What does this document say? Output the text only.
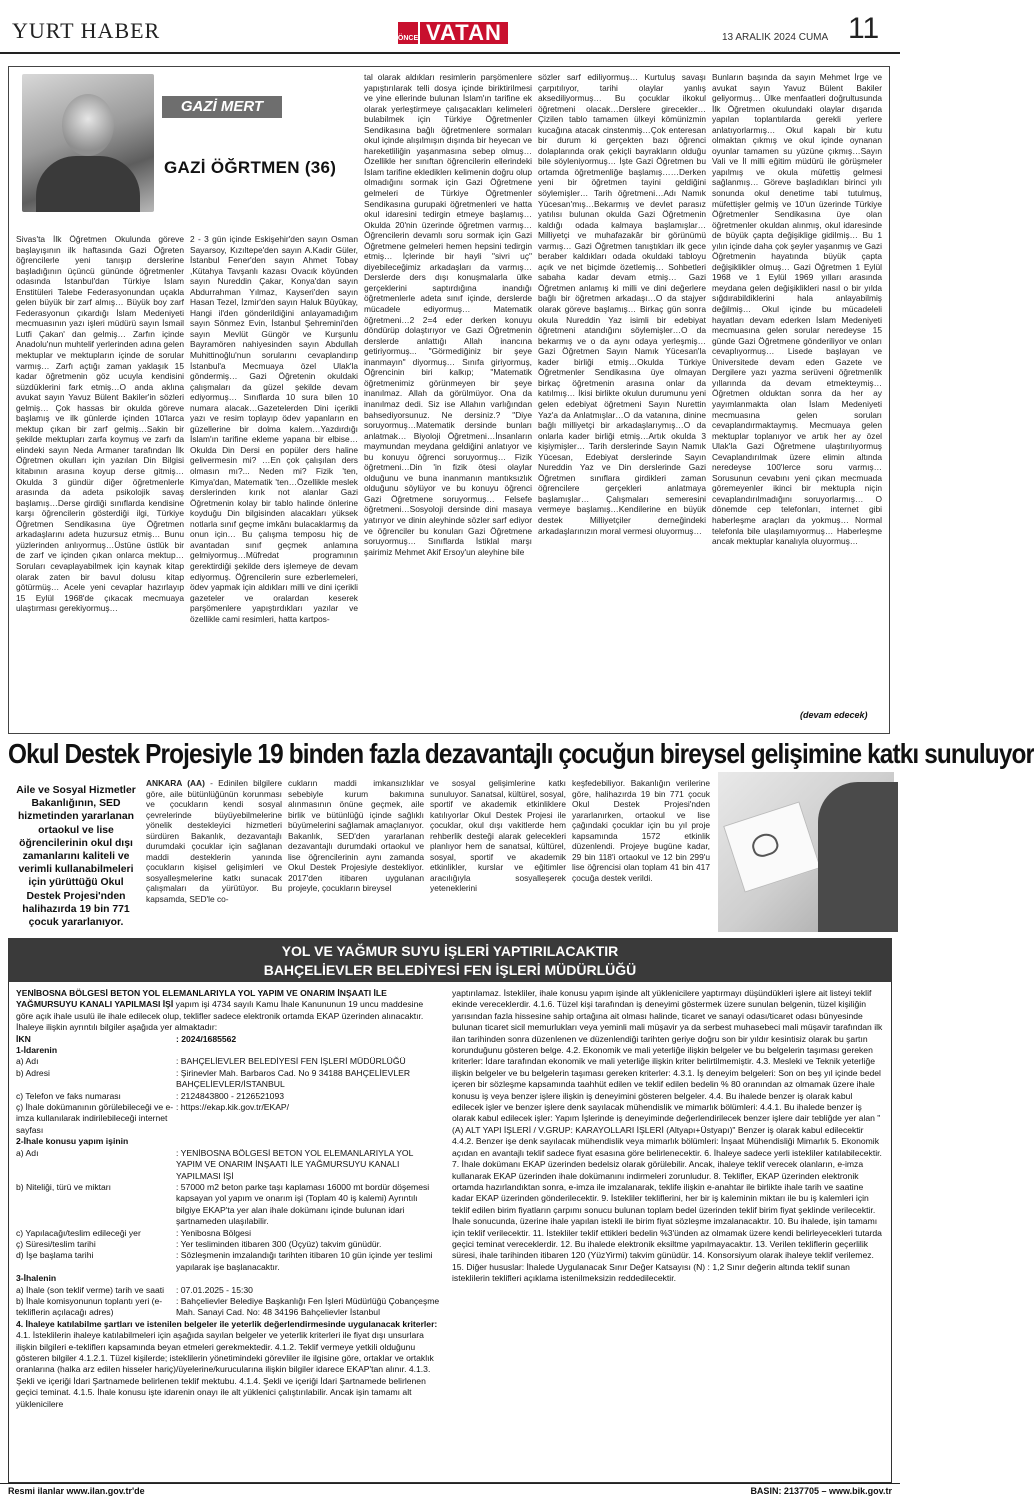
YURT HABER	ÖNCE VATAN	13 ARALIK 2024 CUMA 11
GAZİ MERT
GAZİ ÖĞRTMEN (36)
Sivas'ta İlk Öğretmen Okulunda göreve başlayışının ilk haftasında Gazi Öğreten öğrencilerle yeni tanışıp derslerine başladığının üçüncü gününde öğretmenler odasında İstanbul'dan Türkiye İslam Enstitüleri Talebe Federasyonundan uçakla gelen büyük bir zarf almış… Büyük boy zarf Federasyonun çıkardığı İslam Medeniyeti mecmuasının yazı işleri müdürü sayın İsmail Lutfi Çakan' dan gelmiş… Zarfın içinde Anadolu'nun muhtelif yerlerinden adına gelen mektuplar ve mektupların içinde de sorular varmış… Zarfı açtığı zaman yaklaşık 15 kadar öğretmenin göz ucuyla kendisini süzdüklerini fark etmiş…O anda aklına avukat sayın Yavuz Bülent Bakiler'in sözleri gelmiş… Çok hassas bir okulda göreve başlamış ve ilk günlerde içinden 10'larca mektup çıkan bir zarf gelmiş…Sakin bir şekilde mektupları zarfa koymuş ve zarfı da elindeki sayın Neda Armaner tarafından İlk Öğretmen okulları için yazılan Din Bilgisi kitabının arasına koyup derse gitmiş… Okulda 3 gündür diğer öğretmenlerle arasında da adeta psikolojik savaş başlamış…Derse girdiği sınıflarda kendisine karşı öğrencilerin gösterdiği ilgi, Türkiye Öğretmen Sendikasına üye Öğretmen arkadaşlarını adeta huzursuz etmiş… Bunu yüzlerinden anlıyormuş…Üstüne üstlük bir de zarf ve içinden çıkan onlarca mektup…Soruları cevaplayabilmek için kaynak kitap olarak zaten bir bavul dolusu kitap götürmüş… Acele yeni cevaplar hazırlayıp 15 Eylül 1968'de çıkacak mecmuaya ulaştırması gerekiyormuş…
2 - 3 gün içinde Eskişehir'den sayın Osman Sayarsoy, Kızıltepe'den sayın A.Kadir Güler, İstanbul Fener'den sayın Ahmet Tobay ,Kütahya Tavşanlı kazası Ovacık köyünden sayın Nureddin Çakar, Konya'dan sayın Abdurrahman Yılmaz, Kayseri'den sayın Hasan Tezel, İzmir'den sayın Haluk Büyükay, Hangi il'den gönderildiğini anlayamadığım sayın Sönmez Evin, İstanbul Şehremini'den sayın Mevlüt Güngör ve Kurşunlu Bayramören nahiyesinden sayın Abdullah Muhittinoğlu'nun sorularını cevaplandırıp İstanbul'a Mecmuaya özel Ulak'la göndermiş… Gazi Öğretenin okuldaki çalışmaları da güzel şekilde devam ediyormuş… Sınıflarda 10 sura bilen 10 numara alacak…Gazetelerden Dini içerikli yazı ve resim toplayıp ödev yapanların en güzellerine bir dolma kalem…Yazdırdığı İslam'ın tarifine ekleme yapana bir elbise… Okulda Din Dersi en popüler ders haline gelivermesin mi? …En çok çalışılan ders olmasın mı?... Neden mi? Fizik 'ten, Kimya'dan, Matematik 'ten…Özellikle meslek derslerinden kırık not alanlar Gazi Öğretmenin kolay bir tablo halinde önlerine koyduğu Din bilgisinden alacakları yüksek notlarla sınıf geçme imkânı bulacaklarmış da onun için… Bu çalışma temposu hiç de avantadan sınıf geçmek anlamına gelmiyormuş…Müfredat programının gerektirdiği şekilde ders işlemeye de devam ediyormuş. Öğrencilerin sure ezberlemeleri, ödev yapmak için aldıkları milli ve dini içerikli gazeteler ve oralardan keserek parşömenlere yapıştırdıkları yazılar ve özellikle cami resimleri, hatta kartpos-
tal olarak aldıkları resimlerin parşömenlere yapıştırılarak telli dosya içinde biriktirilmesi ve yine ellerinde bulunan İslam'ın tarifine ek olarak yerleştirmeye çalışacakları kelimeleri bulabilmek için Türkiye Öğretmenler Sendikasına bağlı öğretmenlere sormaları okul içinde alışılmışın dışında bir heyecan ve hareketliliğin yaşanmasına sebep olmuş… Özellikle her sınıftan öğrencilerin ellerindeki İslam tarifine eklediklerı kelimenin doğru olup olmadığını sormak için Gazi Öğretmene gelmeleri de Türkiye Öğretmenler Sendikasına gurupaki öğretmenleri ve hatta okul idaresini tedirgin etmeye başlamış… Okulda 20'nin üzerinde öğretmen varmış…Öğrencilerin devamlı soru sormak için Gazi Öğretmene gelmeleri hemen hepsini tedirgin etmiş… İçlerinde bir hayli "sivri uç" diyebileceğimiz arkadaşları da varmış…Derslerde ders dışı konuşmalarla ülke gerçeklerini saptırdığına inandığı öğretmenlerle adeta sınıf içinde, derslerde mücadele ediyormuş… Matematik öğretmeni…2 2=4 eder derken konuyu döndürüp dolaştırıyor ve Gazi Öğretmenin derslerde anlattığı Allah inancına getiriyormuş... "Görmediğiniz bir şeye inanmayın" diyormuş… Sınıfa giriyormuş, Öğrencinin biri kalkıp; "Matematik öğretmenimiz görünmeyen bir şeye inanılmaz. Allah da görülmüyor. Ona da inanılmaz dedi. Siz ise Allahın varlığından bahsediyorsunuz. Ne dersiniz.? "Diye soruyormuş…Matematik dersinde bunları anlatmak… Biyoloji Öğretmeni…İnsanların maymundan meydana geldiğini anlatıyor ve bu konuyu öğrenci soruyormuş… Fizik öğretmeni…Din 'in fizik ötesi olaylar olduğunu ve buna inanmanın mantıksızlık olduğunu söylüyor ve bu konuyu öğrenci Gazi Öğretmene soruyormuş… Felsefe öğretmeni…Sosyoloji dersinde dini masaya yatırıyor ve dinin aleyhinde sözler sarf ediyor ve öğrenciler bu konuları Gazi Öğretmene soruyormuş… Sınıflarda İstiklal marşı şairimiz Mehmet Akif Ersoy'un aleyhine bile
sözler sarf ediliyormuş… Kurtuluş savaşı çarpıtılıyor, tarihi olaylar yanlış aksediliyormuş… Bu çocuklar ilkokul öğretmeni olacak…Derslere girecekler…Çizilen tablo tamamen ülkeyi kömünizmin kucağına atacak cinstenmiş…Çok enteresan bir durum ki gerçekten bazı öğrenci dolaplarında orak çekiçli bayrakların olduğu bile söyleniyormuş… İşte Gazi Öğretmen bu ortamda öğretmenliğe başlamış……Derken yeni bir öğretmen tayini geldiğini söylemişler… Tarih öğretmeni…Adı Namık Yücesan'mış…Bekarmış ve devlet parasız yatılısı bulunan okulda Gazi Öğretmenin kaldığı odada kalmaya başlamışlar…Milliyetçi ve muhafazakâr bir görünümü varmış… Gazi Öğretmen tanıştıkları ilk gece beraber kaldıkları odada okuldaki tabloyu açık ve net biçimde özetlemiş… Sohbetleri sabaha kadar devam etmiş… Gazi Öğretmen anlamış ki milli ve dini değerlere bağlı bir öğretmen arkadaşı…O da stajyer olarak göreve başlamış… Birkaç gün sonra okula Nureddin Yaz isimli bir edebiyat öğretmeni atandığını söylemişler…O da bekarmış ve o da aynı odaya yerleşmiş… Gazi Öğretmen Sayın Namık Yücesan'la kader birliği etmiş…Okulda Türkiye Öğretmenler Sendikasına üye olmayan birkaç öğretmenin arasına onlar da katılmış… İkisi birlikte okulun durumunu yeni gelen edebiyat öğretmeni Sayın Nurettin Yaz'a da Anlatmışlar…O da vatanına, dinine bağlı milliyetçi bir arkadaşlarıymış…O da onlarla kader birliği etmiş…Artık okulda 3 kişiymişler… Tarih derslerinde Sayın Namık Yücesan, Edebiyat derslerinde Sayın Nureddin Yaz ve Din derslerinde Gazi Öğretmen sınıflara girdikleri zaman öğrencilere gerçekleri anlatmaya başlamışlar… Çalışmaları semeresini vermeye başlamış…Kendilerine en büyük destek Milliyetçiler derneğindeki arkadaşlarınızın moral vermesi oluyormuş…
Bunların başında da sayın Mehmet İrge ve avukat sayın Yavuz Bülent Bakiler geliyormuş… Ülke menfaatleri doğrultusunda İlk Öğretmen okulundaki olaylar dışarıda yapılan toplantılarda gerekli yerlere anlatıyorlarmış… Okul kapalı bir kutu olmaktan çıkmış ve okul içinde oynanan oyunlar tamamen su yüzüne çıkmış…Sayın Vali ve İl milli eğitim müdürü ile görüşmeler yapılmış ve okula müfettiş gelmesi sağlanmış… Göreve başladıkları birinci yılı sonunda okul denetime tabi tutulmuş, müfettişler gelmiş ve 10'un üzerinde Türkiye Öğretmenler Sendikasına üye olan öğretmenler okuldan alınmış, okul idaresinde de büyük çapta değişiklige gidilmiş… Bu 1 yılın içinde daha çok şeyler yaşanmış ve Gazi Öğretmenin hayatında büyük çapta değişiklikler olmuş… Gazi Öğretmen 1 Eylül 1968 ve 1 Eylül 1969 yılları arasında meydana gelen değişiklikleri nasıl o bir yılda sığdırabildiklerini hala anlayabilmiş değilmiş… Okul içinde bu mücadeleli hayatları devam ederken İslam Medeniyeti mecmuasına gelen sorular neredeyse 15 günde Gazi Öğretmene gönderiliyor ve onları cevaplıyormuş… Lisede başlayan ve Üniversitede devam eden Gazete ve Dergilere yazı yazma serüveni öğretmenlik yıllarında da devam etmekteymiş… Öğretmen olduktan sonra da her ay yayımlanmakta olan İslam Medeniyeti mecmuasına gelen soruları cevaplandırmaktaymış. Mecmuaya gelen mektuplar toplanıyor ve artık her ay özel Ulak'la Gazi Öğretmene ulaştırılıyormuş Cevaplandırılmak üzere elimin altında neredeyse 100'lerce soru varmış…Sorusunun cevabını yeni çıkan mecmuada göremeyenler ikinci bir mektupla niçin cevaplandırılmadığını soruyorlarmış… O dönemde cep telefonları, internet gibi haberleşme araçları da yokmuş… Normal telefonla bile ulaşılamıyormuş… Haberleşme ancak mektuplar kanalıyla oluyormuş…
(devam edecek)
Okul Destek Projesiyle 19 binden fazla dezavantajlı çocuğun bireysel gelişimine katkı sunuluyor
Aile ve Sosyal Hizmetler Bakanlığının, SED hizmetinden yararlanan ortaokul ve lise öğrencilerinin okul dışı zamanlarını kaliteli ve verimli kullanabilmeleri için yürüttüğü Okul Destek Projesi'nden halihazırda 19 bin 771 çocuk yararlanıyor.
ANKARA (AA) - Edinilen bilgilere göre, aile bütünlüğünün korunması ve çocukların kendi sosyal çevrelerinde büyüyebilmelerine yönelik destekleyici hizmetleri sürdüren Bakanlık, dezavantajlı durumdaki çocuklar için sağlanan maddi desteklerin yanında çocukların kişisel gelişimleri ve sosyalleşmelerine katkı sunacak çalışmaları da yürütüyor. Bu kapsamda, SED'le co-
cukların maddi imkansızlıklar sebebiyle kurum bakımına alınmasının önüne geçmek, aile birlik ve bütünlüğü içinde sağlıklı büyümelerini sağlamak amaçlanıyor. Bakanlık, SED'den yararlanan dezavantajlı durumdaki ortaokul ve lise öğrencilerinin aynı zamanda Okul Destek Projesiyle destekliyor. 2017'den itibaren uygulanan projeyle, çocukların bireysel
ve sosyal gelişimlerine katkı sunuluyor. Sanatsal, kültürel, sosyal, sportif ve akademik etkinliklere katılıyorlar Okul Destek Projesi ile çocuklar, okul dışı vakitlerde hem rehberlik desteği alarak gelecekleri planlıyor hem de sanatsal, kültürel, sosyal, sportif ve akademik etkinlikler, kurslar ve eğitimler aracılığıyla sosyalleşerek yeteneklerini
keşfedebiliyor. Bakanlığın verilerine göre, halihazırda 19 bin 771 çocuk Okul Destek Projesi'nden yararlanırken, ortaokul ve lise çağındaki çocuklar için bu yıl proje kapsamında 1572 etkinlik düzenlendi. Projeye bugüne kadar, 29 bin 118'i ortaokul ve 12 bin 299'u lise öğrencisi olan toplam 41 bin 417 çocuğa destek verildi.
YOL VE YAĞMUR SUYU İŞLERİ YAPTIRILACAKTIR
BAHÇELİEVLER BELEDİYESİ FEN İŞLERİ MÜDÜRLÜĞÜ
YENİBOSNA BÖLGESİ BETON YOL ELEMANLARIYLA YOL YAPIM VE ONARIM İNŞAATI İLE YAĞMURSUYU KANALI YAPILMASI İŞİ yapım işi 4734 sayılı Kamu İhale Kanununun 19 uncu maddesine göre açık ihale usulü ile ihale edilecek olup, teklifler sadece elektronik ortamda EKAP üzerinden alınacaktır. İhaleye ilişkin ayrıntılı bilgiler aşağıda yer almaktadır:
İKN	: 2024/1685562
1-İdarenin
a) Adı	: BAHÇELİEVLER BELEDİYESİ FEN İŞLERİ MÜDÜRLÜĞÜ
b) Adresi	: Şirinevler Mah. Barbaros Cad. No 9 34188 BAHÇELİEVLER BAHÇELİEVLER/İSTANBUL
c) Telefon ve faks numarası	: 2124843800 - 2126521093
ç) İhale dokümanının görülebileceği ve e-imza kullanılarak indirilebileceği internet sayfası
: https://ekap.kik.gov.tr/EKAP/
2-İhale konusu yapım işinin
a) Adı	: YENİBOSNA BÖLGESİ BETON YOL ELEMANLARIYLA YOL YAPIM VE ONARIM İNŞAATI İLE YAĞMURSUYU KANALI YAPILMASI İŞİ
b) Niteliği, türü ve miktarı	: 57000 m2 beton parke taşı kaplaması 16000 mt bordür döşemesi kapsayan yol yapım ve onarım işi (Toplam 40 iş kalemi) Ayrıntılı bilgiye EKAP'ta yer alan ihale dokümanı içinde bulunan idari şartnameden ulaşılabilir.
c) Yapılacağı/teslim edileceği yer	: Yenibosna Bölgesi
ç) Süresi/teslim tarihi	: Yer tesliminden itibaren 300 (Üçyüz) takvim günüdür.
d) İşe başlama tarihi	: Sözleşmenin imzalandığı tarihten itibaren 10 gün içinde yer teslimi yapılarak işe başlanacaktır.
3-İhalenin
a) İhale (son teklif verme) tarih ve saati	: 07.01.2025 - 15:30
b) İhale komisyonunun toplantı yeri (e-tekliflerin açılacağı adres)
: Bahçelievler Belediye Başkanlığı Fen İşleri Müdürlüğü Çobançeşme Mah. Sanayi Cad. No: 48 34196 Bahçelievler İstanbul
4. İhaleye katılabilme şartları ve istenilen belgeler ile yeterlik değerlendirmesinde uygulanacak kriterler:
4.1. İsteklilerin ihaleye katılabilmeleri için aşağıda sayılan belgeler ve yeterlik kriterleri ile fiyat dışı unsurlara ilişkin bilgileri e-tekliflerı kapsamında beyan etmeleri gerekmektedir. 4.1.2. Teklif vermeye yetkili olduğunu gösteren bilgiler 4.1.2.1. Tüzel kişilerde; isteklilerin yönetimindeki görevliler ile ilgisine göre, ortaklar ve ortaklık oranlarına (halka arz edilen hisseler hariç)/üyelerine/kurucularına ilişkin bilgiler idarece EKAP'tan alınır. 4.1.3. Şekli ve içeriği İdari Şartnamede belirlenen teklif mektubu. 4.1.4. Şekli ve içeriği İdari Şartnamede belirlenen geçici teminat. 4.1.5. İhale konusu işte idarenin onayı ile alt yüklenici çalıştırılabilir. Ancak işin tamamı alt yüklenicilere
yaptırılamaz. İstekliler, ihale konusu yapım işinde alt yüklenicilere yaptırmayı düşündükleri işlere ait listeyi teklif ekinde vereceklerdir. 4.1.6. Tüzel kişi tarafından iş deneyimi göstermek üzere sunulan belgenin, tüzel kişiliğin yarısından fazla hissesine sahip ortağına ait olması halinde, ticaret ve sanayi odası/ticaret odası bünyesinde bulunan ticaret sicil memurlukları veya yeminli mali müşavir ya da serbest muhasebeci mali müşavir tarafından ilk ilan tarihinden sonra düzenlenen ve düzenlendiği tarihten geriye doğru son bir yıldır kesintisiz olarak bu şartın korunduğunu gösteren belge. 4.2. Ekonomik ve mali yeterliğe ilişkin belgeler ve bu belgelerin taşıması gereken kriterler: İdare tarafından ekonomik ve mali yeterliğe ilişkin kriter belirtilmemiştir. 4.3. Mesleki ve Teknik yeterliğe ilişkin belgeler ve bu belgelerin taşıması gereken kriterler: 4.3.1. İş deneyim belgeleri: Son on beş yıl içinde bedel içeren bir sözleşme kapsamında taahhüt edilen ve teklif edilen bedelin % 80 oranından az olmamak üzere ihale konusu iş veya benzer işlere ilişkin iş deneyimini gösteren belgeler. 4.4. Bu ihalede benzer iş olarak kabul edilecek işler ve benzer işlere denk sayılacak mühendislik ve mimarlık bölümleri: 4.4.1. Bu ihalede benzer iş olarak kabul edilecek işler: Yapım İşlerinde iş deneyiminde değerlendirilecek benzer işlere dair tebliğde yer alan "(A) ALT YAPI İŞLERİ / V.GRUP: KARAYOLLARI İŞLERİ (Altyapı+Üstyapı)" Benzer iş olarak kabul edilecektir 4.4.2. Benzer işe denk sayılacak mühendislik veya mimarlık bölümleri: İnşaat Mühendisliği Mimarlık 5. Ekonomik açıdan en avantajlı teklif sadece fiyat esasına göre belirlenecektir. 6. İhaleye sadece yerli istekliler katılabilecektir. 7. İhale dokümanı EKAP üzerinden bedelsiz olarak görülebilir. Ancak, ihaleye teklif verecek olanların, e-imza kullanarak EKAP üzerinden ihale dokümanını indirmeleri zorunludur. 8. Teklifler, EKAP üzerinden elektronik ortamda hazırlandıktan sonra, e-imza ile imzalanarak, teklife ilişkin e-anahtar ile birlikte ihale tarih ve saatine kadar EKAP üzerinden gönderilecektir. 9. İstekliler tekliflerini, her bir iş kaleminin miktarı ile bu iş kalemleri için teklif edilen birim fiyatların çarpımı sonucu bulunan toplam bedel üzerinden teklif birim fiyat şeklinde verilecektir. İhale sonucunda, üzerine ihale yapılan istekli ile birim fiyat sözleşme imzalanacaktır. 10. Bu ihalede, işin tamamı için teklif verilecektir. 11. İstekliler teklif ettikleri bedelin %3'ünden az olmamak üzere kendi belirleyecekleri tutarda geçici teminat vereceklerdir. 12. Bu ihalede elektronik eksiltme yapılmayacaktır. 13. Verilen tekliflerin geçerlilik süresi, ihale tarihinden itibaren 120 (YüzYirmi) takvim günüdür. 14. Konsorsiyum olarak ihaleye teklif verilemez. 15. Diğer hususlar: İhalede Uygulanacak Sınır Değer Katsayısı (N) : 1,2 Sınır değerin altında teklif sunan isteklilerin teklifleri açıklama istenilmeksizin reddedilecektir.
Resmi ilanlar www.ilan.gov.tr'de	BASIN: 2137705 – www.bik.gov.tr
